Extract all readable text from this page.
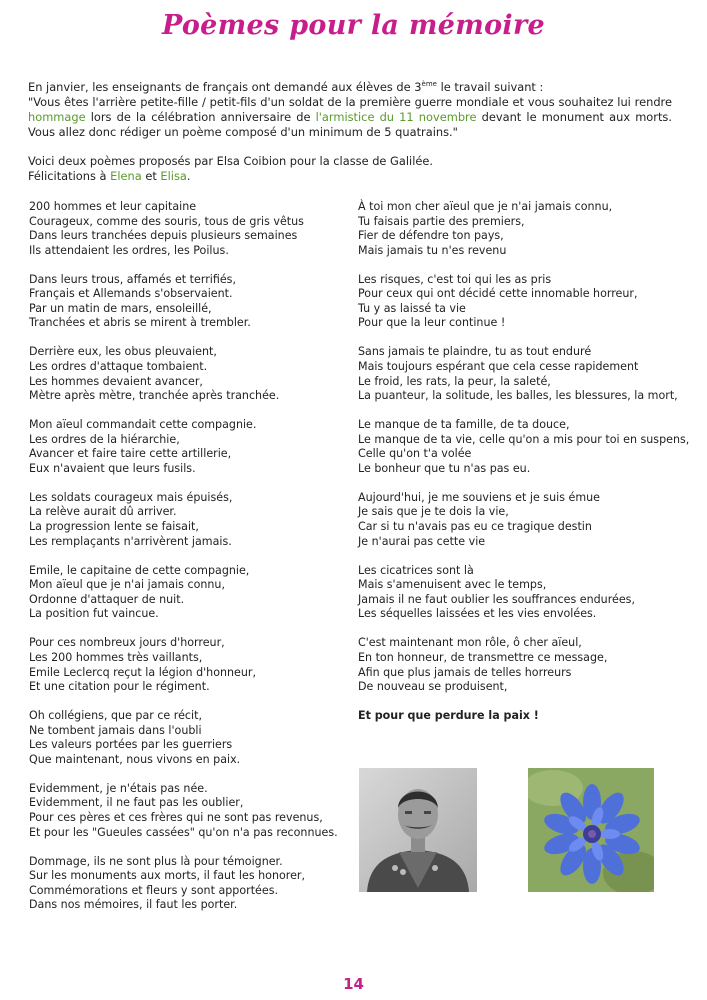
Poèmes pour la mémoire

En janvier, les enseignants de français ont demandé aux élèves de 3ème le travail suivant :

"Vous êtes l'arrière petite-fille / petit-fils d'un soldat de la première guerre mondiale et vous souhaitez lui rendre hommage lors de la célébration anniversaire de l'armistice du 11 novembre devant le monument aux morts. Vous allez donc rédiger un poème composé d'un minimum de 5 quatrains."

Voici deux poèmes proposés par Elsa Coibion pour la classe de Galilée.

Félicitations à Elena et Elisa.

200 hommes et leur capitaine
Courageux, comme des souris, tous de gris vêtus
Dans leurs tranchées depuis plusieurs semaines
Ils attendaient les ordres, les Poilus.
Dans leurs trous, affamés et terrifiés,
Français et Allemands s'observaient.
Par un matin de mars, ensoleillé,
Tranchées et abris se mirent à trembler.
Derrière eux, les obus pleuvaient,
Les ordres d'attaque tombaient.
Les hommes devaient avancer,
Mètre après mètre, tranchée après tranchée.
Mon aïeul commandait cette compagnie.
Les ordres de la hiérarchie,
Avancer et faire taire cette artillerie,
Eux n'avaient que leurs fusils.
Les soldats courageux mais épuisés,
La relève aurait dû arriver.
La progression lente se faisait,
Les remplaçants n'arrivèrent jamais.
Emile, le capitaine de cette compagnie,
Mon aïeul que je n'ai jamais connu,
Ordonne d'attaquer de nuit.
La position fut vaincue.
Pour ces nombreux jours d'horreur,
Les 200 hommes très vaillants,
Emile Leclercq reçut la légion d'honneur,
Et une citation pour le régiment.
Oh collégiens, que par ce récit,
Ne tombent jamais dans l'oubli
Les valeurs portées par les guerriers
Que maintenant, nous vivons en paix.
Evidemment, je n'étais pas née.
Evidemment, il ne faut pas les oublier,
Pour ces pères et ces frères qui ne sont pas revenus,
Et pour les "Gueules cassées" qu'on n'a pas reconnues.
Dommage, ils ne sont plus là pour témoigner.
Sur les monuments aux morts, il faut les honorer,
Commémorations et fleurs y sont apportées.
Dans nos mémoires, il faut les porter.
À toi mon cher aïeul que je n'ai jamais connu,
Tu faisais partie des premiers,
Fier de défendre ton pays,
Mais jamais tu n'es revenu
Les risques, c'est toi qui les as pris
Pour ceux qui ont décidé cette innomable horreur,
Tu y as laissé ta vie
Pour que la leur continue !
Sans jamais te plaindre, tu as tout enduré
Mais toujours espérant que cela cesse rapidement
Le froid, les rats, la peur, la saleté,
La puanteur, la solitude, les balles, les blessures, la mort,
Le manque de ta famille, de ta douce,
Le manque de ta vie, celle qu'on a mis pour toi en suspens,
Celle qu'on t'a volée
Le bonheur que tu n'as pas eu.
Aujourd'hui, je me souviens et je suis émue
Je sais que je te dois la vie,
Car si tu n'avais pas eu ce tragique destin
Je n'aurai pas cette vie
Les cicatrices sont là
Mais s'amenuisent avec le temps,
Jamais il ne faut oublier les souffrances endurées,
Les séquelles laissées et les vies envolées.
C'est maintenant mon rôle, ô cher aïeul,
En ton honneur, de transmettre ce message,
Afin que plus jamais de telles horreurs
De nouveau se produisent,
Et pour que perdure la paix !
14
